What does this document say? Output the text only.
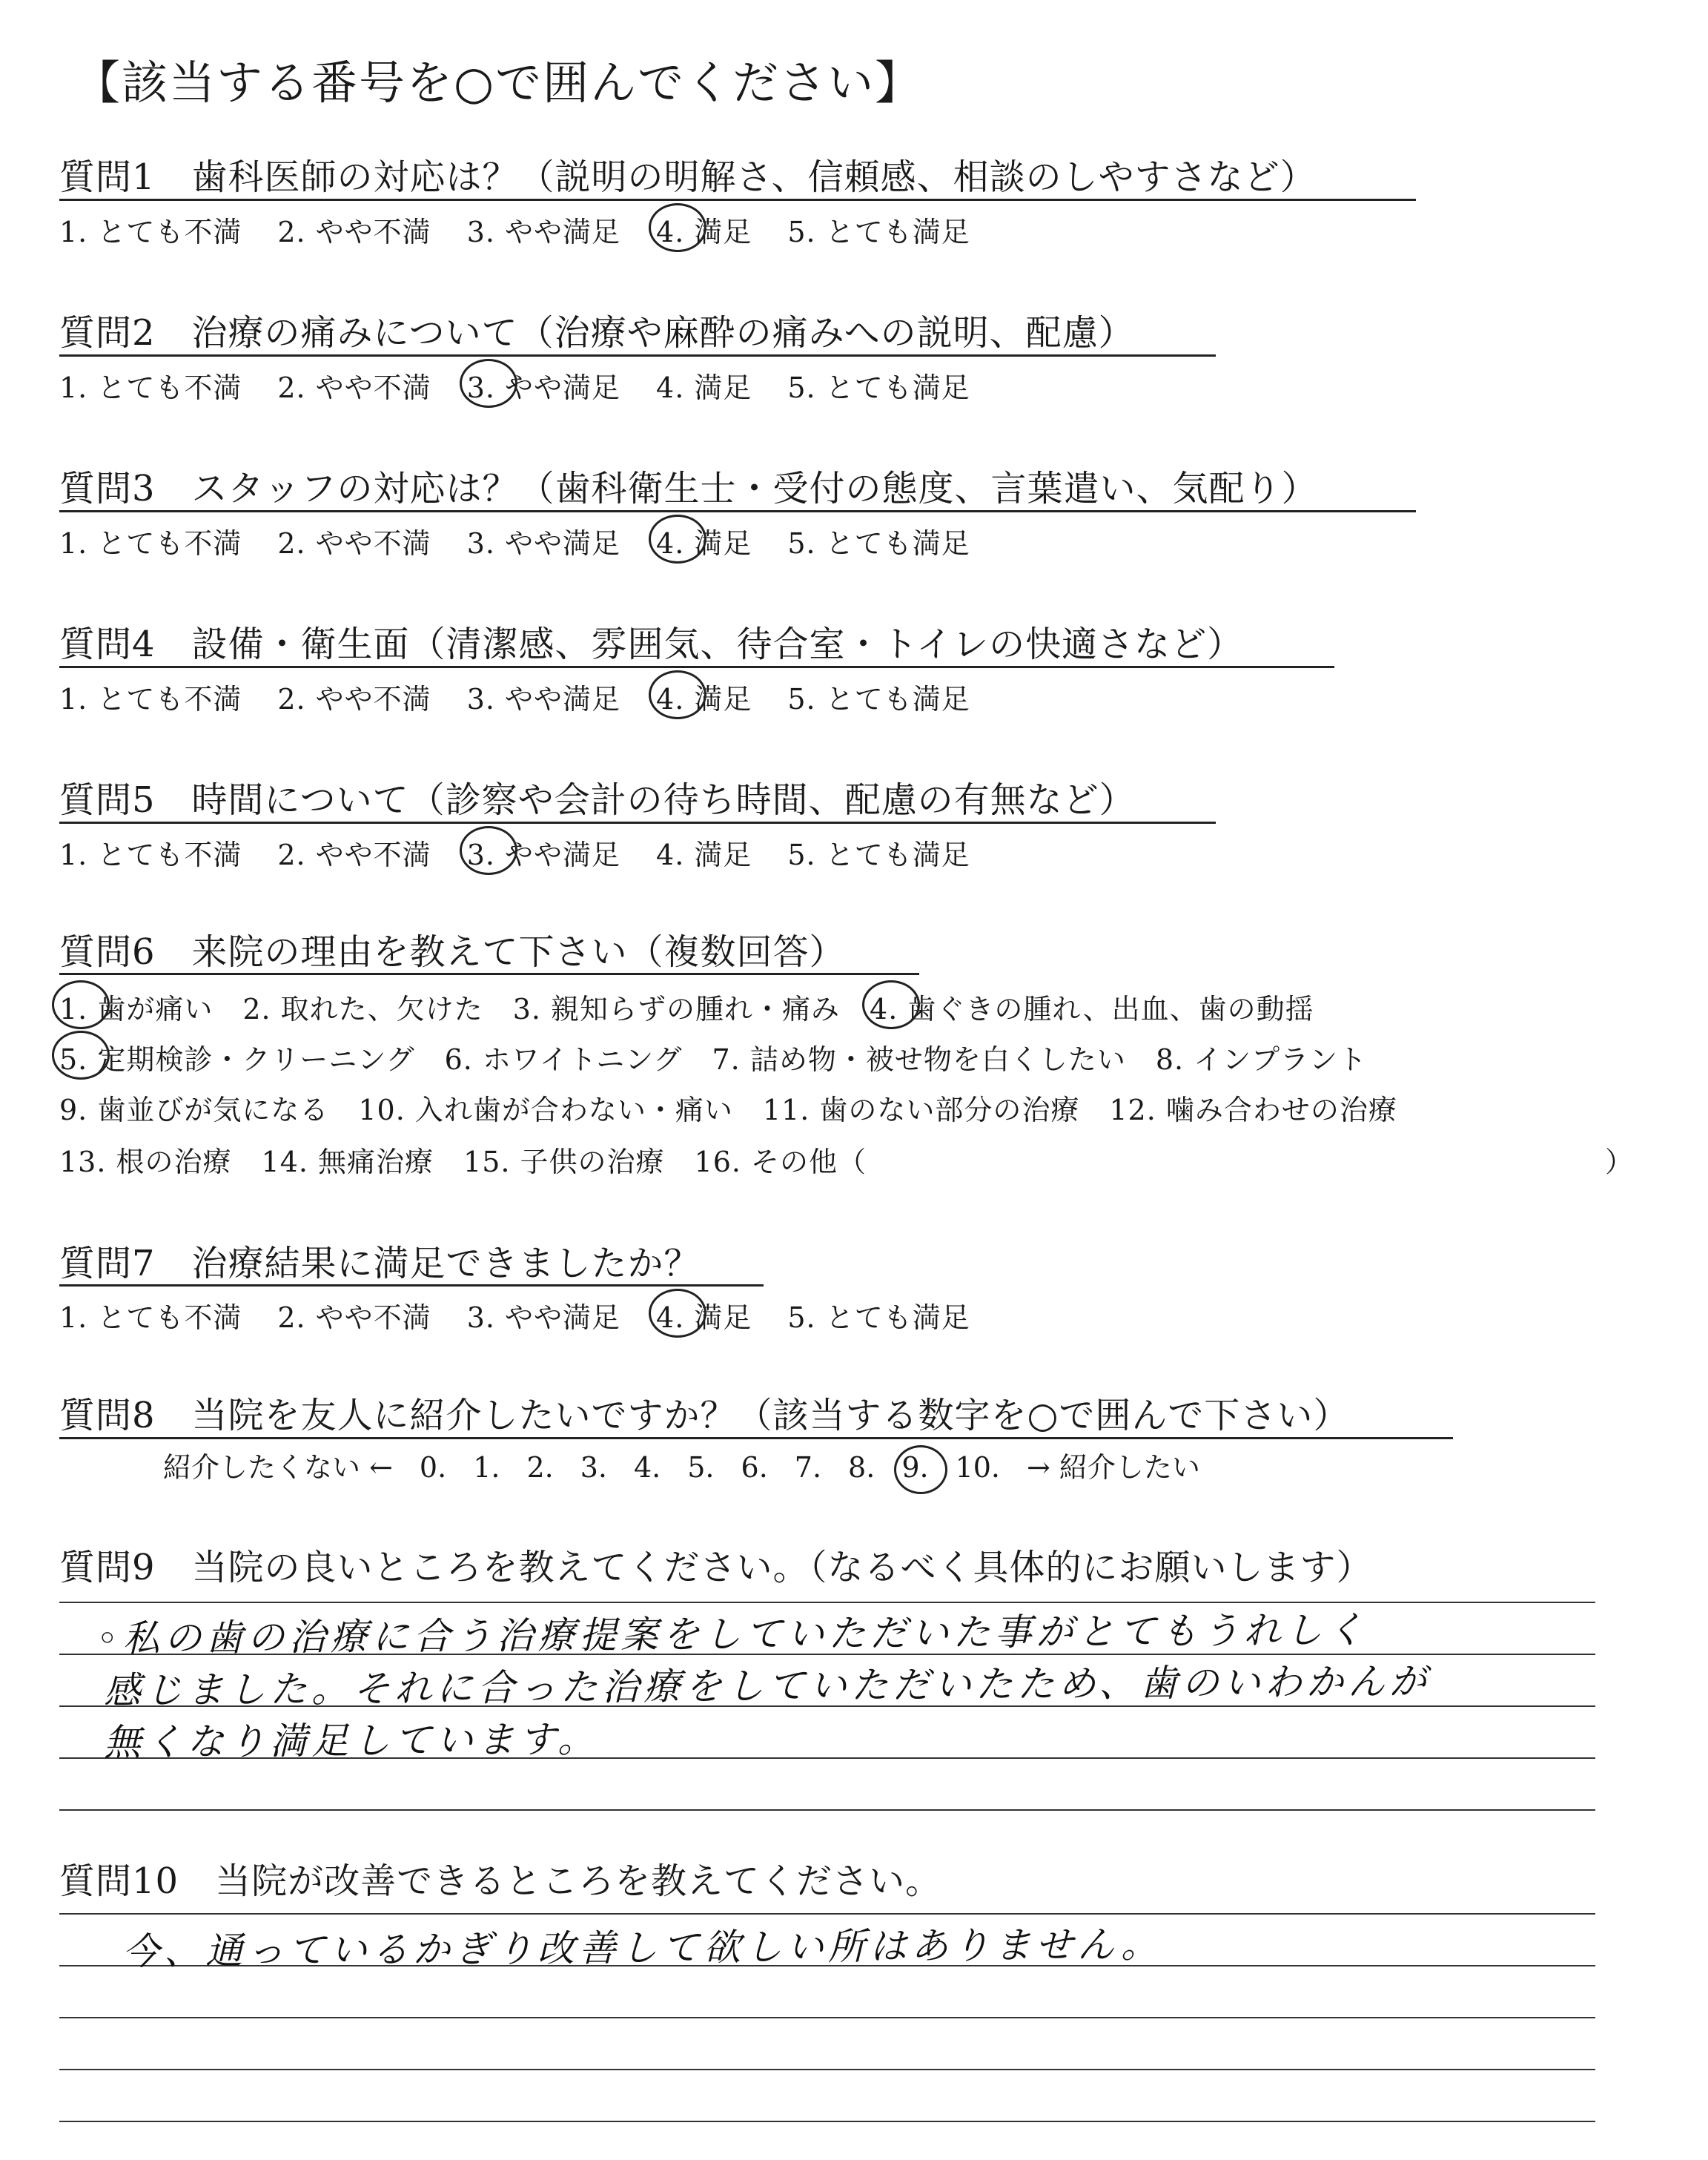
【該当する番号を○で囲んでください】
質問1　歯科医師の対応は？（説明の明解さ、信頼感、相談のしやすさなど）
1. とても不満 2. やや不満 3. やや満足 4. 満足 5. とても満足
質問2　治療の痛みについて（治療や麻酔の痛みへの説明、配慮）
1. とても不満 2. やや不満 3. やや満足 4. 満足 5. とても満足
質問3　スタッフの対応は？（歯科衛生士・受付の態度、言葉遣い、気配り）
1. とても不満 2. やや不満 3. やや満足 4. 満足 5. とても満足
質問4　設備・衛生面（清潔感、雰囲気、待合室・トイレの快適さなど）
1. とても不満 2. やや不満 3. やや満足 4. 満足 5. とても満足
質問5　時間について（診察や会計の待ち時間、配慮の有無など）
1. とても不満 2. やや不満 3. やや満足 4. 満足 5. とても満足
質問6　来院の理由を教えて下さい（複数回答）
1. 歯が痛い 2. 取れた、欠けた 3. 親知らずの腫れ・痛み 4. 歯ぐきの腫れ、出血、歯の動揺
5. 定期検診・クリーニング 6. ホワイトニング 7. 詰め物・被せ物を白くしたい 8. インプラント
9. 歯並びが気になる 10. 入れ歯が合わない・痛い 11. 歯のない部分の治療 12. 噛み合わせの治療
13. 根の治療 14. 無痛治療 15. 子供の治療 16. その他（	）
質問7　治療結果に満足できましたか？
1. とても不満 2. やや不満 3. やや満足 4. 満足 5. とても満足
質問8　当院を友人に紹介したいですか？（該当する数字を○で囲んで下さい）
紹介したくない ← 0. 1. 2. 3. 4. 5. 6. 7. 8. 9. 10. → 紹介したい
質問9　当院の良いところを教えてください。（なるべく具体的にお願いします）
◦私の歯の治療に合う治療提案をしていただいた事がとてもうれしく
感じました。それに合った治療をしていただいたため、歯のいわかんが
無くなり満足しています。
質問10　当院が改善できるところを教えてください。
今、通っているかぎり改善して欲しい所はありません。
